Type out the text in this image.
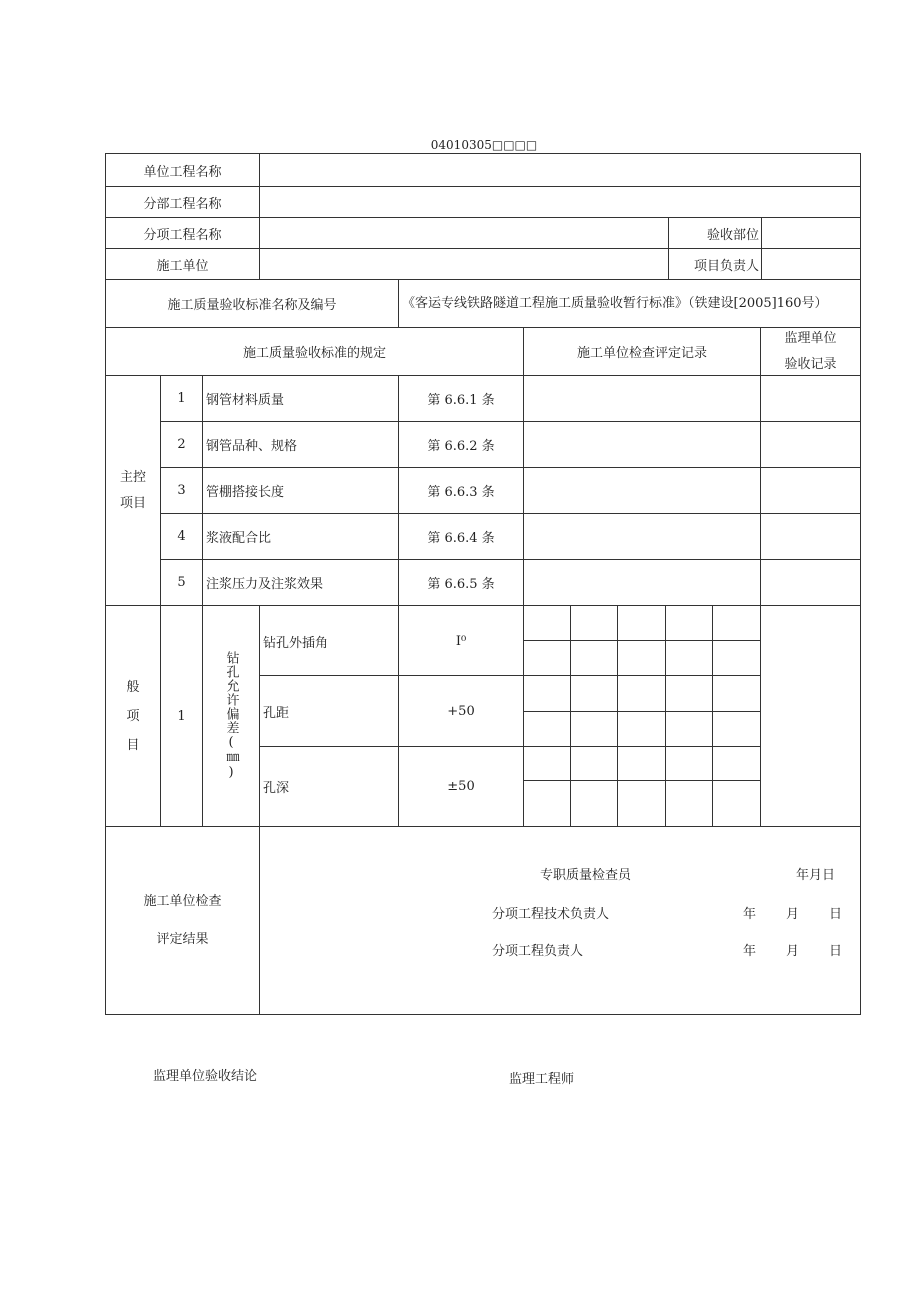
04010305□□□□
单位工程名称
分部工程名称
分项工程名称	验收部位
施工单位	项目负责人
施工质量验收标准名称及编号	《客运专线铁路隧道工程施工质量验收暂行标准》（铁建设[2005]160号）
施工质量验收标准的规定	施工单位检查评定记录
监理单位
验收记录
主控
项目
1	钢管材料质量	第 6.6.1 条
2	钢管品种、规格	第 6.6.2 条
3	管棚搭接长度	第 6.6.3 条
4	浆液配合比	第 6.6.4 条
5	注浆压力及注浆效果	第 6.6.5 条
般
项
目
1	钻孔允许偏差(㎜)
钻孔外插角	I⁰
孔距	+50
孔深	±50
施工单位检查
评定结果
专职质量检查员	年月日
分项工程技术负责人	年 月 日
分项工程负责人	年 月 日
监理单位验收结论	监理工程师
